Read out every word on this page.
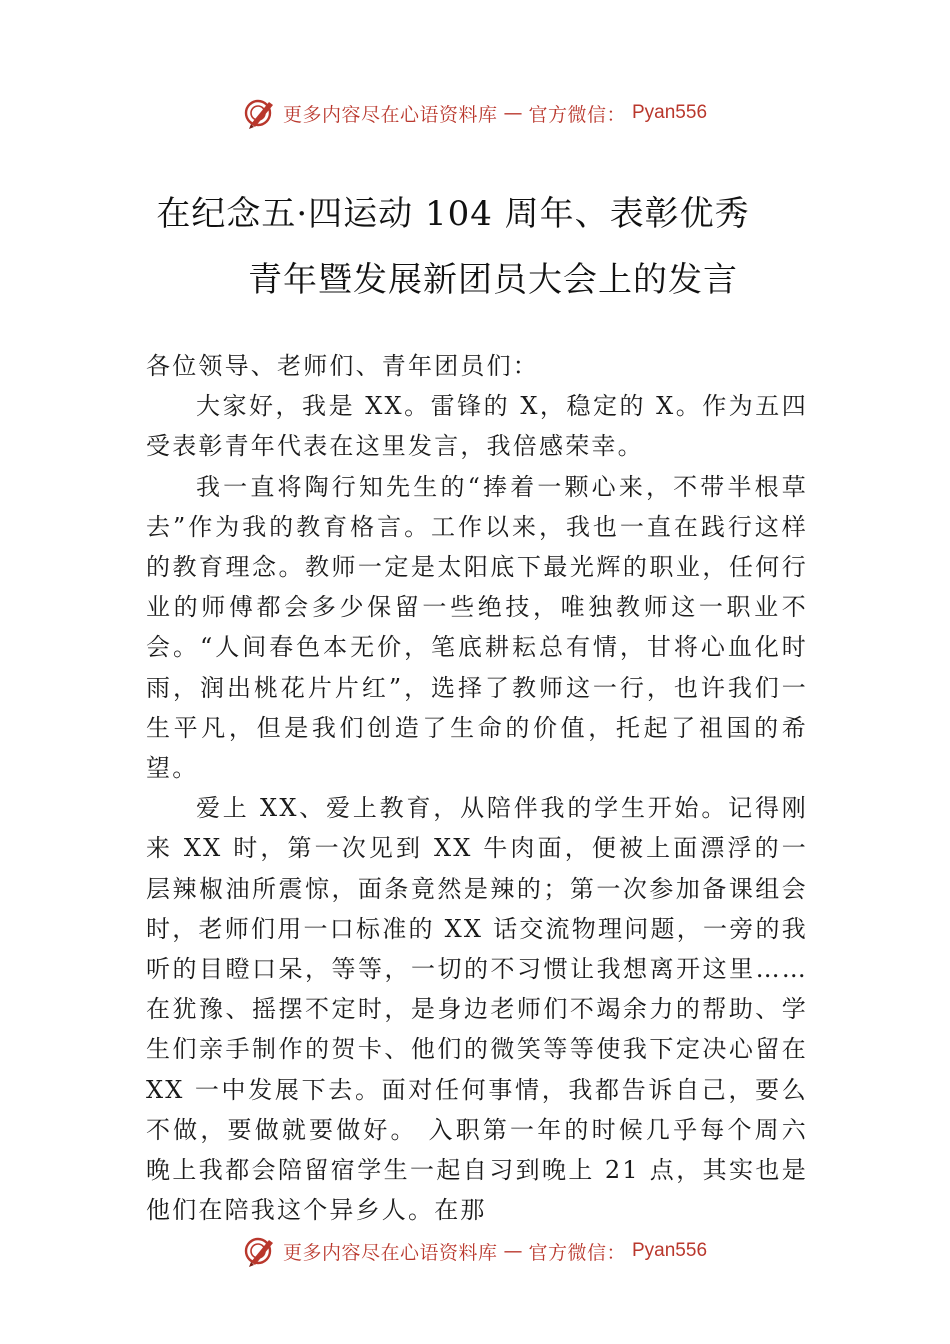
更多内容尽在心语资料库 — 官方微信： Pyan556
在纪念五·四运动 104 周年、表彰优秀
青年暨发展新团员大会上的发言

各位领导、老师们、青年团员们：

大家好，我是 XX。雷锋的 X，稳定的 X。作为五四受表彰青年代表在这里发言，我倍感荣幸。

我一直将陶行知先生的“捧着一颗心来，不带半根草去”作为我的教育格言。工作以来，我也一直在践行这样的教育理念。教师一定是太阳底下最光辉的职业，任何行业的师傅都会多少保留一些绝技，唯独教师这一职业不会。“人间春色本无价，笔底耕耘总有情，甘将心血化时雨，润出桃花片片红”，选择了教师这一行，也许我们一生平凡，但是我们创造了生命的价值，托起了祖国的希望。

爱上 XX、爱上教育，从陪伴我的学生开始。记得刚来 XX 时，第一次见到 XX 牛肉面，便被上面漂浮的一层辣椒油所震惊，面条竟然是辣的；第一次参加备课组会时，老师们用一口标准的 XX 话交流物理问题，一旁的我听的目瞪口呆，等等，一切的不习惯让我想离开这里……在犹豫、摇摆不定时，是身边老师们不竭余力的帮助、学生们亲手制作的贺卡、他们的微笑等等使我下定决心留在 XX 一中发展下去。面对任何事情，我都告诉自己，要么不做，要做就要做好。 入职第一年的时候几乎每个周六晚上我都会陪留宿学生一起自习到晚上 21 点，其实也是他们在陪我这个异乡人。在那

更多内容尽在心语资料库 — 官方微信： Pyan556
